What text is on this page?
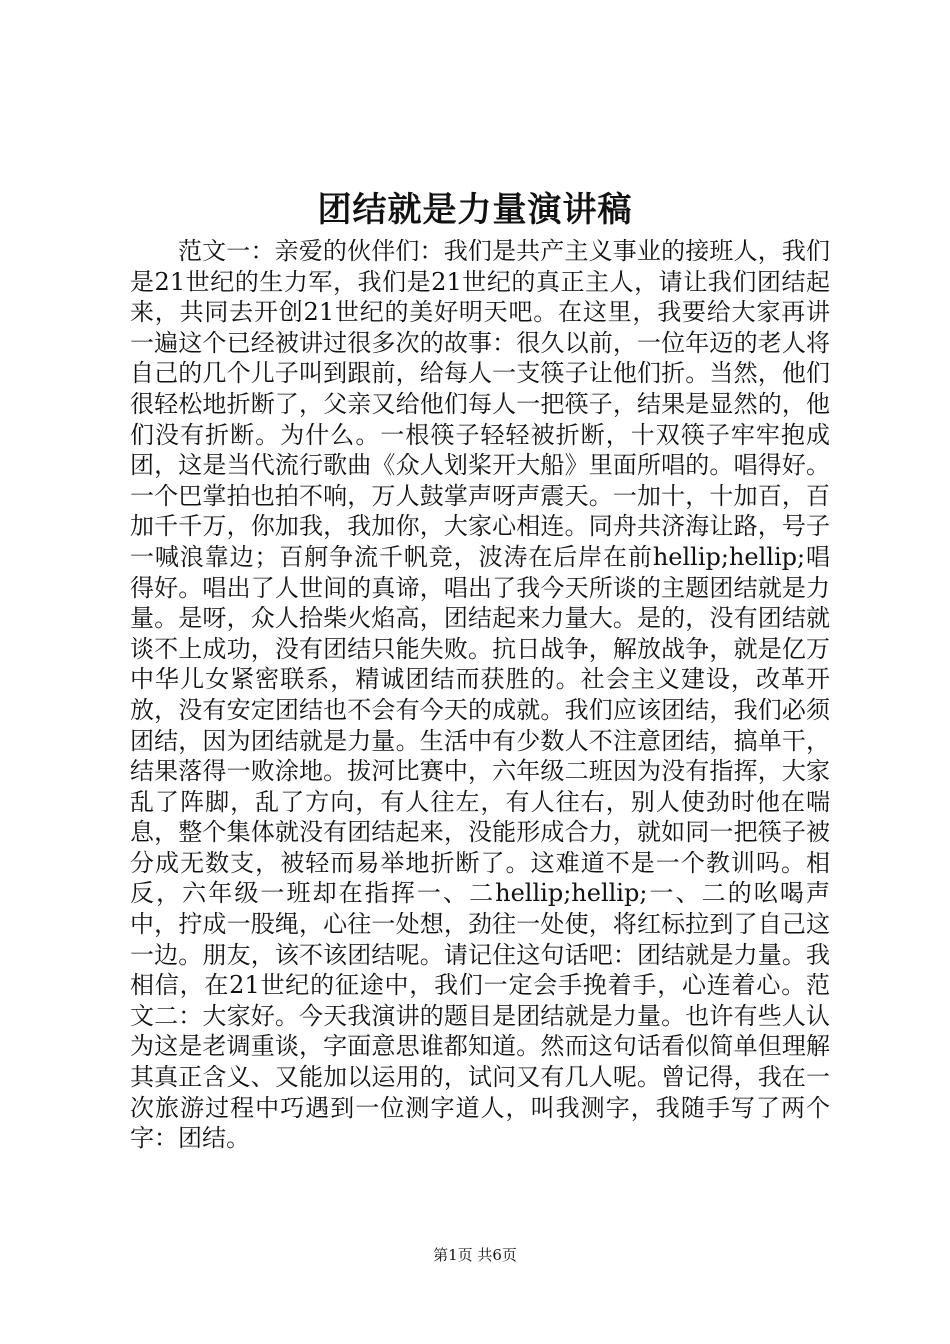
团结就是力量演讲稿

范文一：亲爱的伙伴们：我们是共产主义事业的接班人，我们是21世纪的生力军，我们是21世纪的真正主人，请让我们团结起来，共同去开创21世纪的美好明天吧。在这里，我要给大家再讲一遍这个已经被讲过很多次的故事：很久以前，一位年迈的老人将自己的几个儿子叫到跟前，给每人一支筷子让他们折。当然，他们很轻松地折断了，父亲又给他们每人一把筷子，结果是显然的，他们没有折断。为什么。一根筷子轻轻被折断，十双筷子牢牢抱成团，这是当代流行歌曲《众人划桨开大船》里面所唱的。唱得好。一个巴掌拍也拍不响，万人鼓掌声呀声震天。一加十，十加百，百加千千万，你加我，我加你，大家心相连。同舟共济海让路，号子一喊浪靠边；百舸争流千帆竞，波涛在后岸在前hellip;hellip;唱得好。唱出了人世间的真谛，唱出了我今天所谈的主题团结就是力量。是呀，众人拾柴火焰高，团结起来力量大。是的，没有团结就谈不上成功，没有团结只能失败。抗日战争，解放战争，就是亿万中华儿女紧密联系，精诚团结而获胜的。社会主义建设，改革开放，没有安定团结也不会有今天的成就。我们应该团结，我们必须团结，因为团结就是力量。生活中有少数人不注意团结，搞单干，结果落得一败涂地。拔河比赛中，六年级二班因为没有指挥，大家乱了阵脚，乱了方向，有人往左，有人往右，别人使劲时他在喘息，整个集体就没有团结起来，没能形成合力，就如同一把筷子被分成无数支，被轻而易举地折断了。这难道不是一个教训吗。相反，六年级一班却在指挥一、二hellip;hellip;一、二的吆喝声中，拧成一股绳，心往一处想，劲往一处使，将红标拉到了自己这一边。朋友，该不该团结呢。请记住这句话吧：团结就是力量。我相信，在21世纪的征途中，我们一定会手挽着手，心连着心。范文二：大家好。今天我演讲的题目是团结就是力量。也许有些人认为这是老调重谈，字面意思谁都知道。然而这句话看似简单但理解其真正含义、又能加以运用的，试问又有几人呢。曾记得，我在一次旅游过程中巧遇到一位测字道人，叫我测字，我随手写了两个字：团结。

第1页 共6页
